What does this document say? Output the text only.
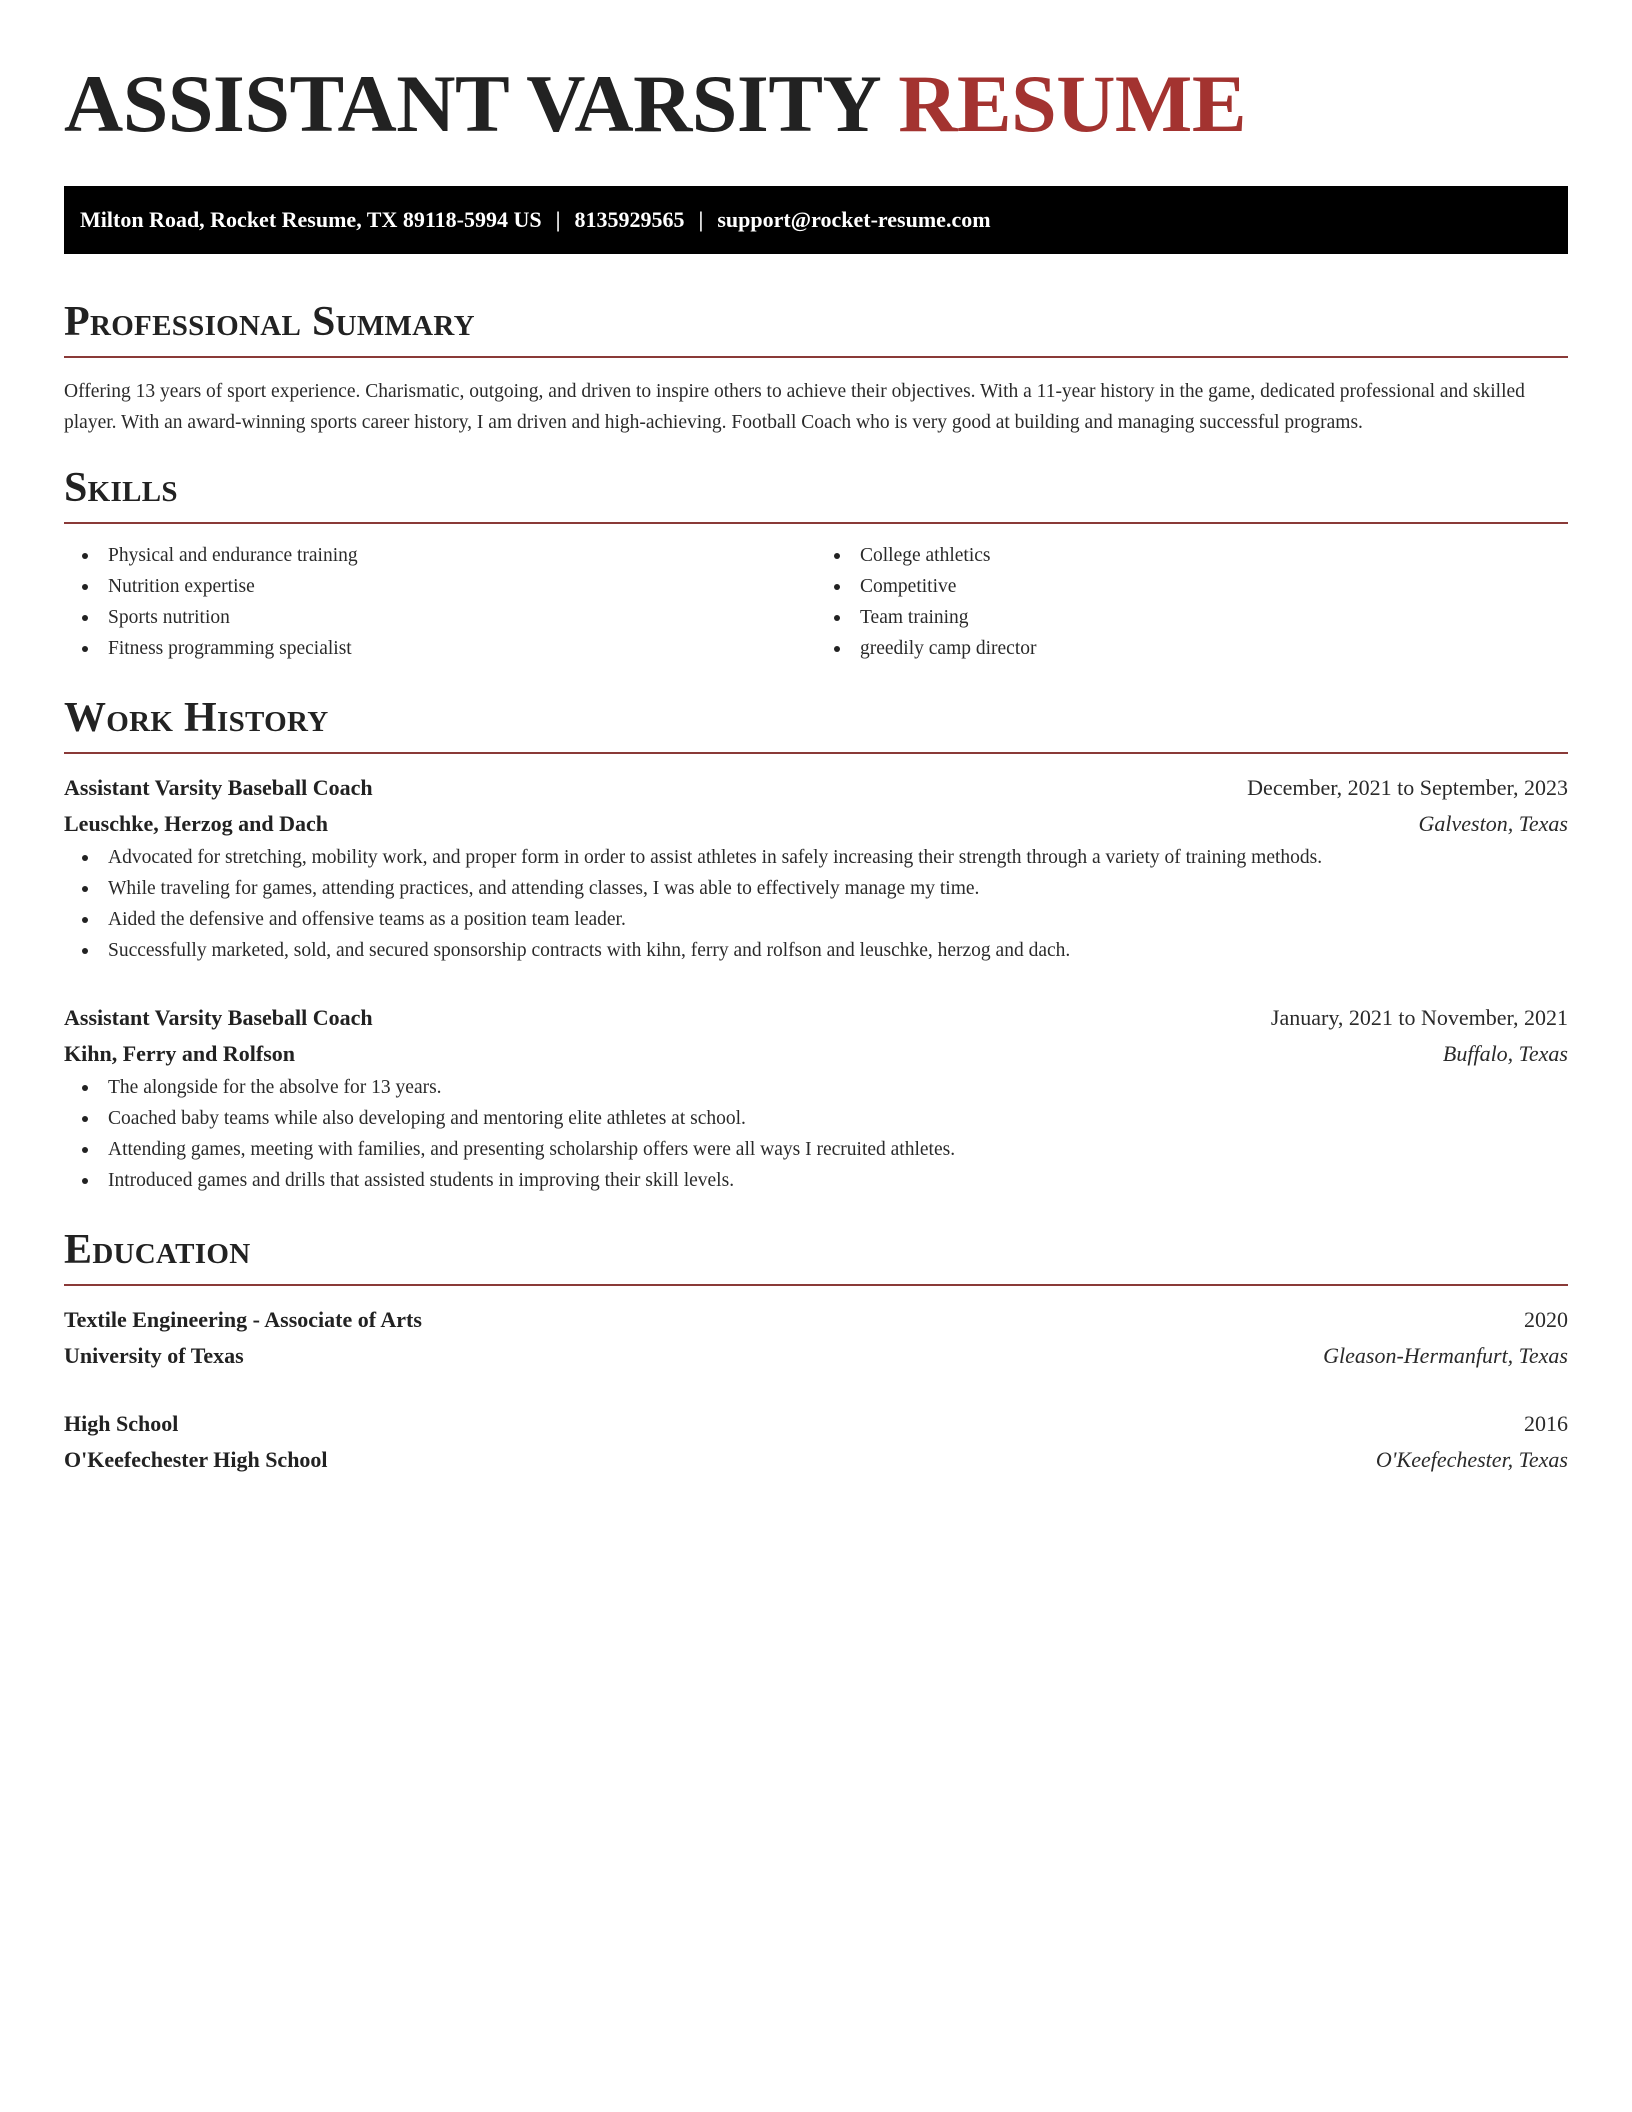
ASSISTANT VARSITY RESUME
Milton Road, Rocket Resume, TX 89118-5994 US | 8135929565 | support@rocket-resume.com
Professional Summary

Offering 13 years of sport experience. Charismatic, outgoing, and driven to inspire others to achieve their objectives. With a 11-year history in the game, dedicated professional and skilled player. With an award-winning sports career history, I am driven and high-achieving. Football Coach who is very good at building and managing successful programs.

Skills
Physical and endurance training
Nutrition expertise
Sports nutrition
Fitness programming specialist
College athletics
Competitive
Team training
greedily camp director
Work History
Assistant Varsity Baseball Coach	December, 2021 to September, 2023
Leuschke, Herzog and Dach	Galveston, Texas
Advocated for stretching, mobility work, and proper form in order to assist athletes in safely increasing their strength through a variety of training methods.
While traveling for games, attending practices, and attending classes, I was able to effectively manage my time.
Aided the defensive and offensive teams as a position team leader.
Successfully marketed, sold, and secured sponsorship contracts with kihn, ferry and rolfson and leuschke, herzog and dach.
Assistant Varsity Baseball Coach	January, 2021 to November, 2021
Kihn, Ferry and Rolfson	Buffalo, Texas
The alongside for the absolve for 13 years.
Coached baby teams while also developing and mentoring elite athletes at school.
Attending games, meeting with families, and presenting scholarship offers were all ways I recruited athletes.
Introduced games and drills that assisted students in improving their skill levels.
Education
Textile Engineering - Associate of Arts	2020
University of Texas	Gleason-Hermanfurt, Texas
High School	2016
O'Keefechester High School	O'Keefechester, Texas
